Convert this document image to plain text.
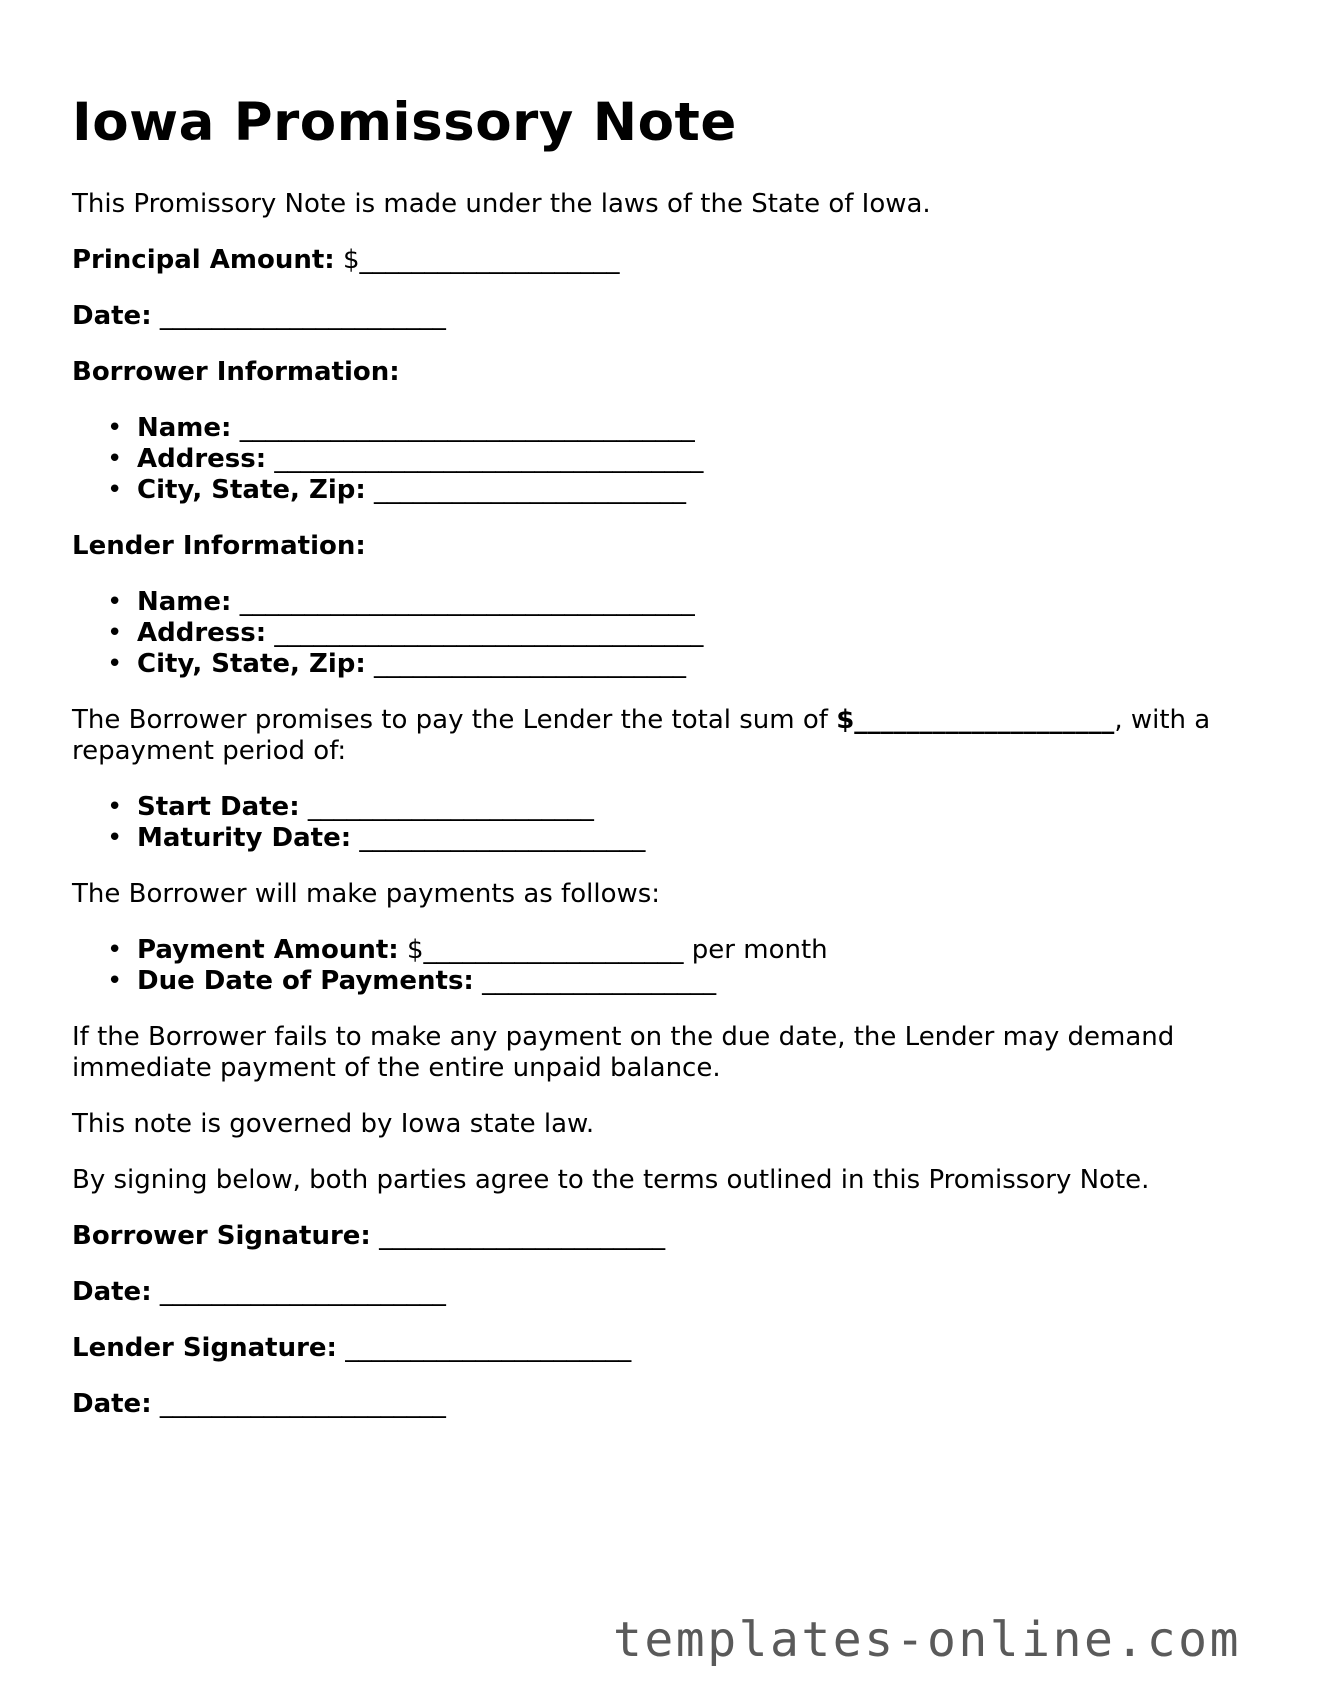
Iowa Promissory Note
This Promissory Note is made under the laws of the State of Iowa.
Principal Amount: $____________________
Date: ______________________
Borrower Information:
• Name: ___________________________________
• Address: _________________________________
• City, State, Zip: ________________________
Lender Information:
• Name: ___________________________________
• Address: _________________________________
• City, State, Zip: ________________________
The Borrower promises to pay the Lender the total sum of $____________________, with a
repayment period of:
• Start Date: ______________________
• Maturity Date: ______________________
The Borrower will make payments as follows:
• Payment Amount: $____________________ per month
• Due Date of Payments: __________________
If the Borrower fails to make any payment on the due date, the Lender may demand
immediate payment of the entire unpaid balance.
This note is governed by Iowa state law.
By signing below, both parties agree to the terms outlined in this Promissory Note.
Borrower Signature: ______________________
Date: ______________________
Lender Signature: ______________________
Date: ______________________
templates-online.com
